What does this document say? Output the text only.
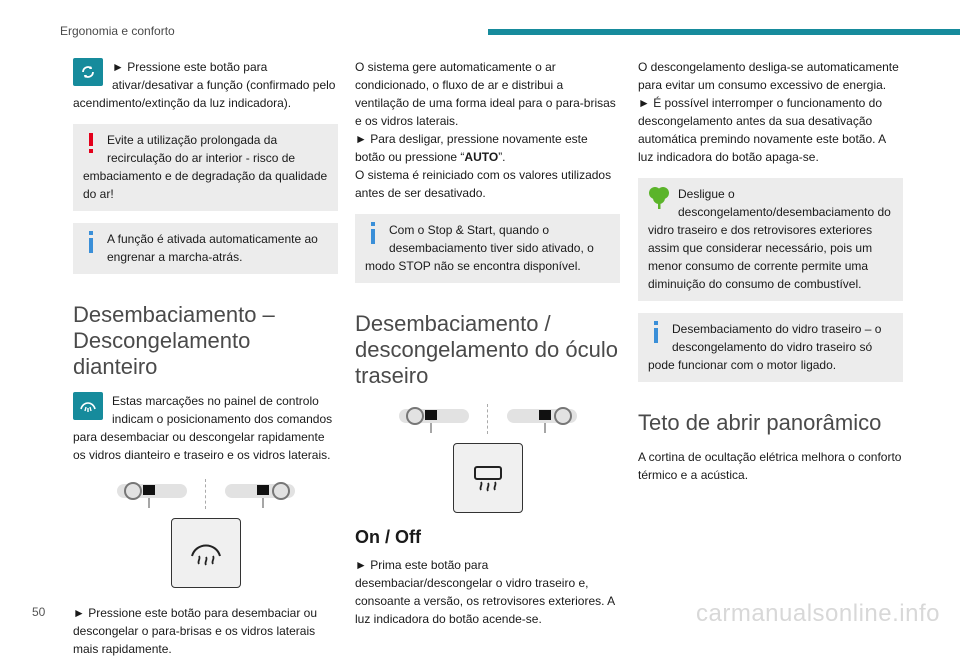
Ergonomia e conforto

► Pressione este botão para ativar/desativar a função (confirmado pelo acendimento/extinção da luz indicadora).

Evite a utilização prolongada da recirculação do ar interior - risco de embaciamento e de degradação da qualidade do ar!
A função é ativada automaticamente ao engrenar a marcha-atrás.
Desembaciamento – Descongelamento dianteiro

Estas marcações no painel de controlo indicam o posicionamento dos comandos para desembaciar ou descongelar rapidamente os vidros dianteiro e traseiro e os vidros laterais.

► Pressione este botão para desembaciar ou descongelar o para-brisas e os vidros laterais mais rapidamente.

O sistema gere automaticamente o ar condicionado, o fluxo de ar e distribui a ventilação de uma forma ideal para o para-brisas e os vidros laterais.

► Para desligar, pressione novamente este botão ou pressione “AUTO”.

O sistema é reiniciado com os valores utilizados antes de ser desativado.

Com o Stop & Start, quando o desembaciamento tiver sido ativado, o modo STOP não se encontra disponível.
Desembaciamento / descongelamento do óculo traseiro
On / Off

► Prima este botão para desembaciar/descongelar o vidro traseiro e, consoante a versão, os retrovisores exteriores. A luz indicadora do botão acende-se.

O descongelamento desliga-se automaticamente para evitar um consumo excessivo de energia.

► É possível interromper o funcionamento do descongelamento antes da sua desativação automática premindo novamente este botão. A luz indicadora do botão apaga-se.

Desligue o descongelamento/desembaciamento do vidro traseiro e dos retrovisores exteriores assim que considerar necessário, pois um menor consumo de corrente permite uma diminuição do consumo de combustível.
Desembaciamento do vidro traseiro – o descongelamento do vidro traseiro só pode funcionar com o motor ligado.
Teto de abrir panorâmico

A cortina de ocultação elétrica melhora o conforto térmico e a acústica.

50	carmanualsonline.info
